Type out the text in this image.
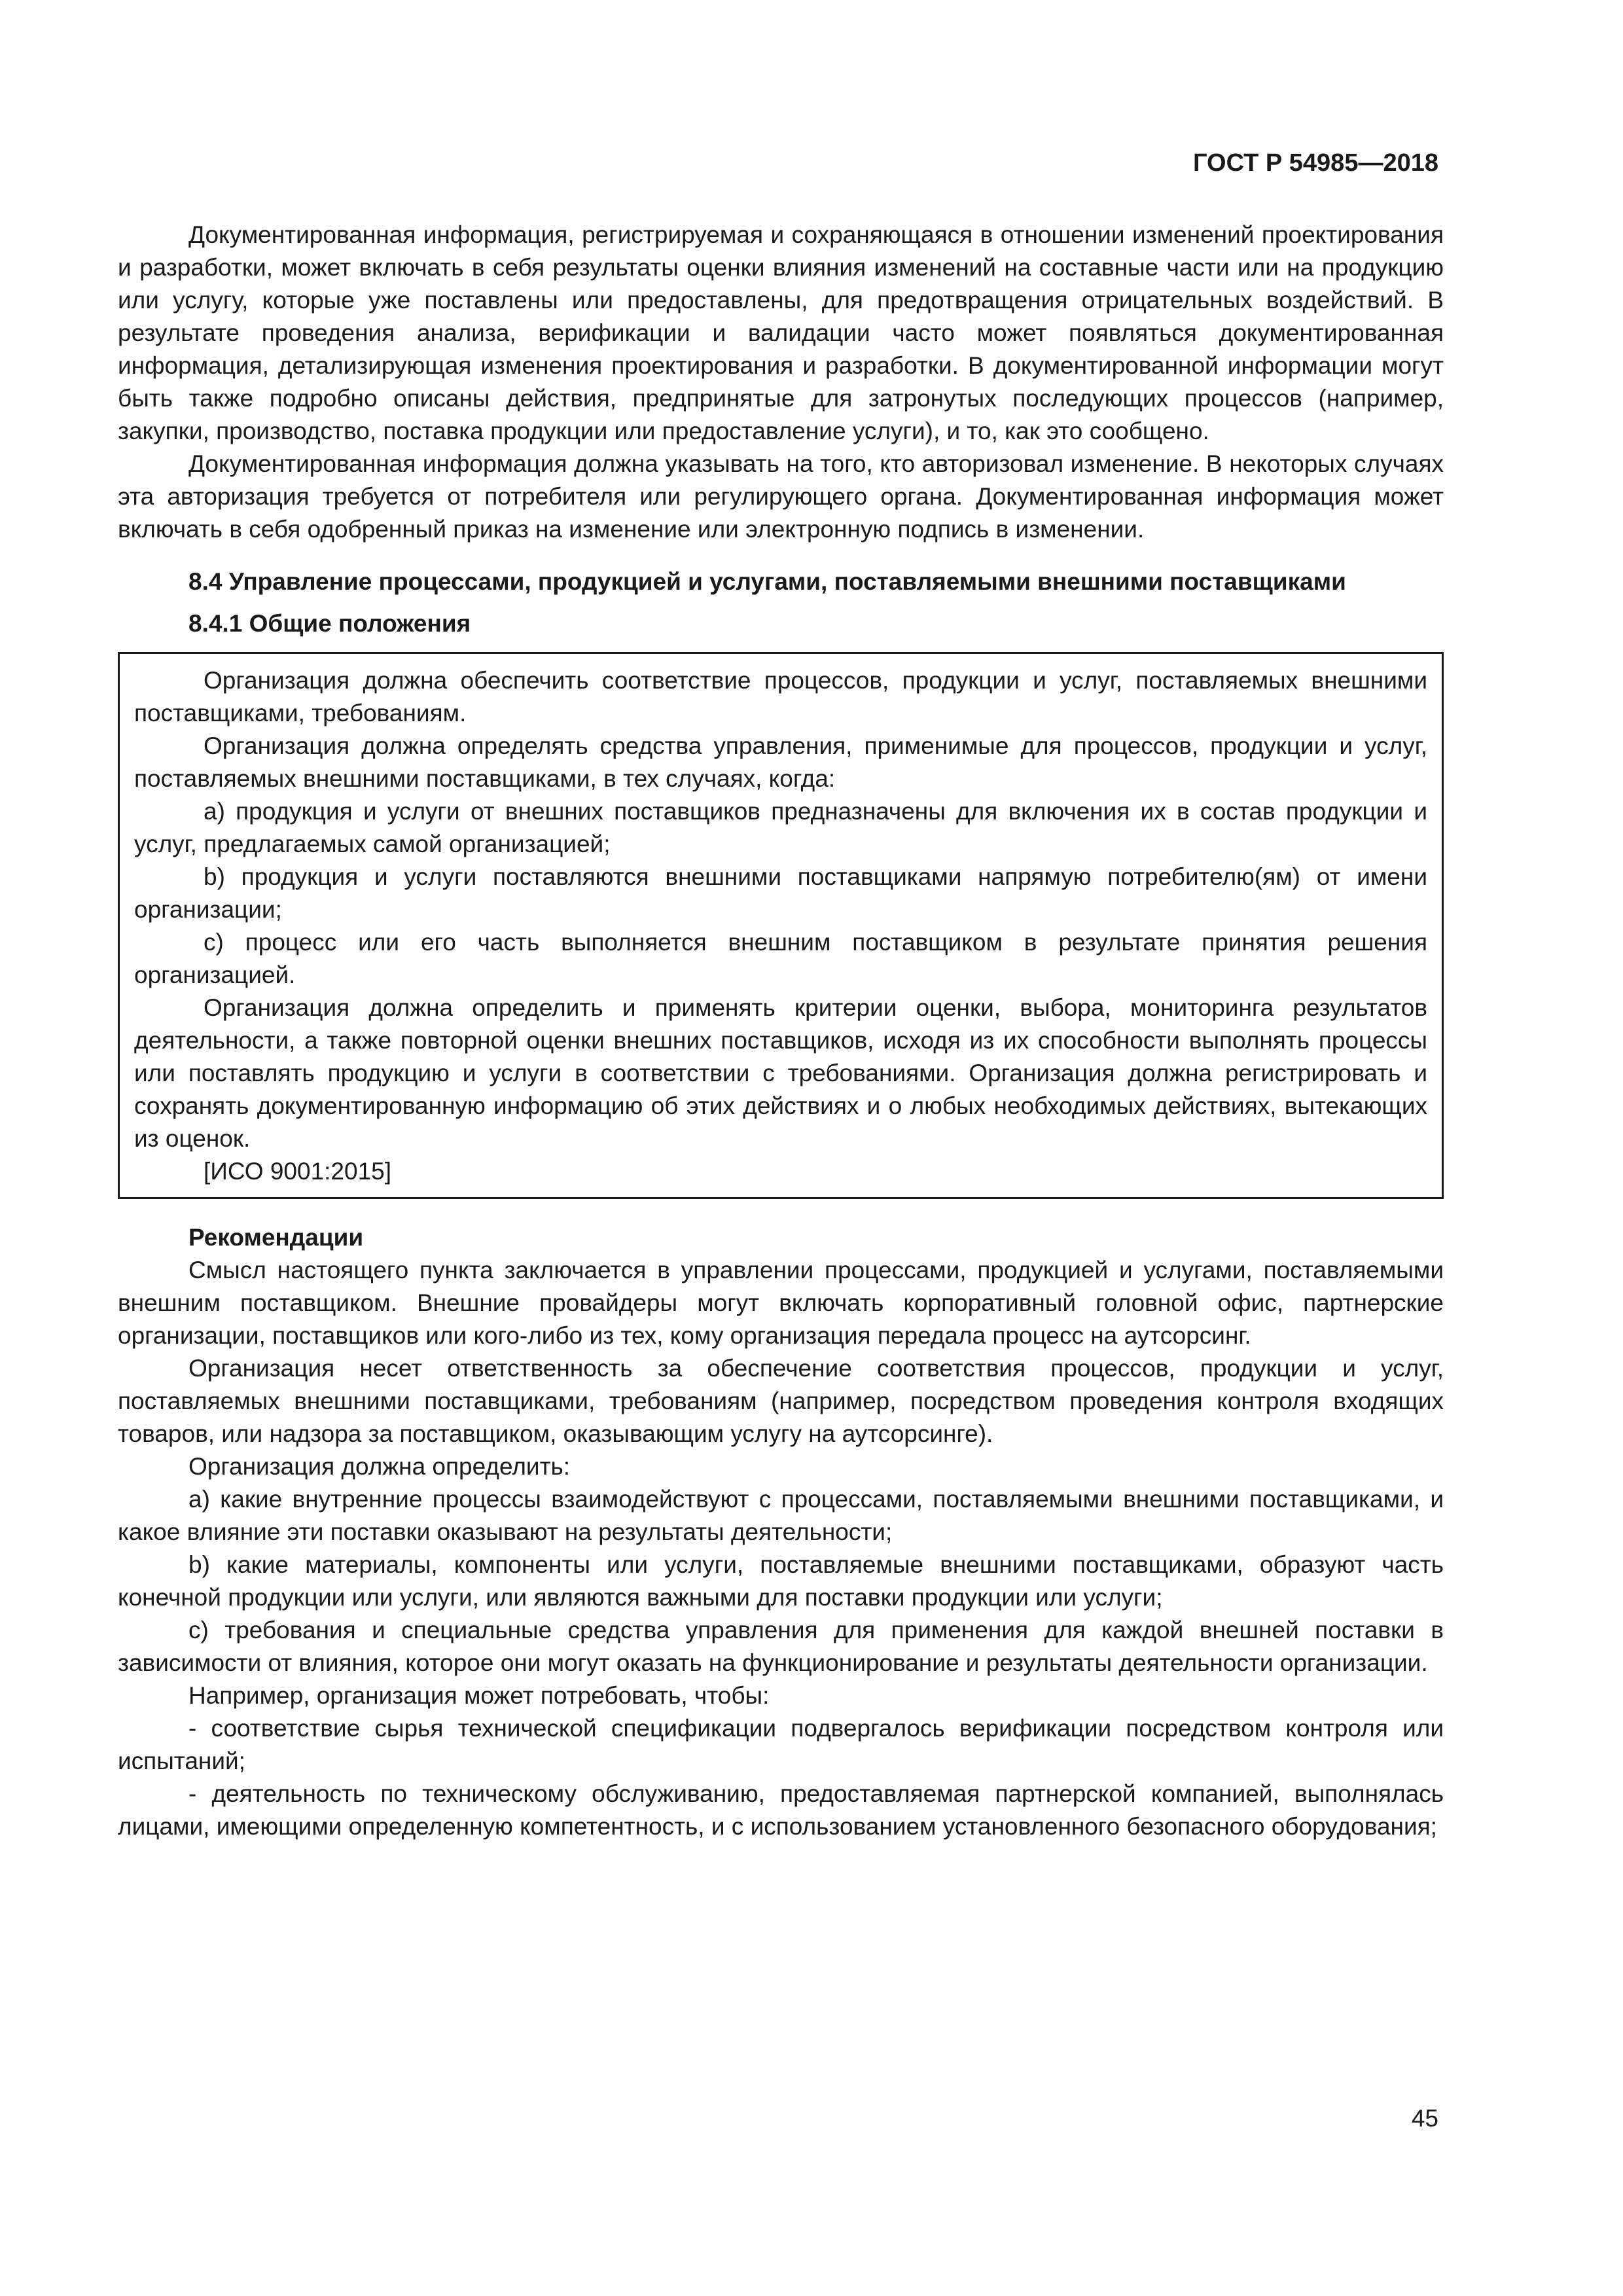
ГОСТ Р 54985—2018

Документированная информация, регистрируемая и сохраняющаяся в отношении изменений проектирования и разработки, может включать в себя результаты оценки влияния изменений на составные части или на продукцию или услугу, которые уже поставлены или предоставлены, для предотвращения отрицательных воздействий. В результате проведения анализа, верификации и валидации часто может появляться документированная информация, детализирующая изменения проектирования и разработки. В документированной информации могут быть также подробно описаны действия, предпринятые для затронутых последующих процессов (например, закупки, производство, поставка продукции или предоставление услуги), и то, как это сообщено.

Документированная информация должна указывать на того, кто авторизовал изменение. В некоторых случаях эта авторизация требуется от потребителя или регулирующего органа. Документированная информация может включать в себя одобренный приказ на изменение или электронную подпись в изменении.

8.4 Управление процессами, продукцией и услугами, поставляемыми внешними поставщиками

8.4.1 Общие положения

Организация должна обеспечить соответствие процессов, продукции и услуг, поставляемых внешними поставщиками, требованиям.

Организация должна определять средства управления, применимые для процессов, продукции и услуг, поставляемых внешними поставщиками, в тех случаях, когда:

a) продукция и услуги от внешних поставщиков предназначены для включения их в состав продукции и услуг, предлагаемых самой организацией;

b) продукция и услуги поставляются внешними поставщиками напрямую потребителю(ям) от имени организации;

c) процесс или его часть выполняется внешним поставщиком в результате принятия решения организацией.

Организация должна определить и применять критерии оценки, выбора, мониторинга результатов деятельности, а также повторной оценки внешних поставщиков, исходя из их способности выполнять процессы или поставлять продукцию и услуги в соответствии с требованиями. Организация должна регистрировать и сохранять документированную информацию об этих действиях и о любых необходимых действиях, вытекающих из оценок.

[ИСО 9001:2015]

Рекомендации

Смысл настоящего пункта заключается в управлении процессами, продукцией и услугами, поставляемыми внешним поставщиком. Внешние провайдеры могут включать корпоративный головной офис, партнерские организации, поставщиков или кого-либо из тех, кому организация передала процесс на аутсорсинг.

Организация несет ответственность за обеспечение соответствия процессов, продукции и услуг, поставляемых внешними поставщиками, требованиям (например, посредством проведения контроля входящих товаров, или надзора за поставщиком, оказывающим услугу на аутсорсинге).

Организация должна определить:

a) какие внутренние процессы взаимодействуют с процессами, поставляемыми внешними поставщиками, и какое влияние эти поставки оказывают на результаты деятельности;

b) какие материалы, компоненты или услуги, поставляемые внешними поставщиками, образуют часть конечной продукции или услуги, или являются важными для поставки продукции или услуги;

c) требования и специальные средства управления для применения для каждой внешней поставки в зависимости от влияния, которое они могут оказать на функционирование и результаты деятельности организации.

Например, организация может потребовать, чтобы:

- соответствие сырья технической спецификации подвергалось верификации посредством контроля или испытаний;

- деятельность по техническому обслуживанию, предоставляемая партнерской компанией, выполнялась лицами, имеющими определенную компетентность, и с использованием установленного безопасного оборудования;

45
